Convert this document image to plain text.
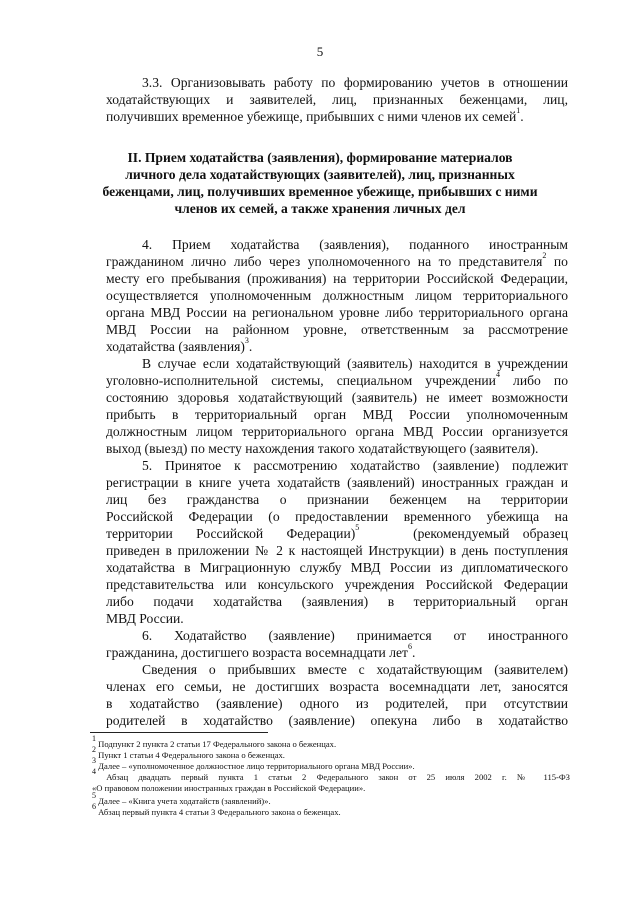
5
3.3. Организовывать работу по формированию учетов в отношении
ходатайствующих и заявителей, лиц, признанных беженцами, лиц,
получивших временное убежище, прибывших с ними членов их семей$^1$.
II. Прием ходатайства (заявления), формирование материалов
личного дела ходатайствующих (заявителей), лиц, признанных
беженцами, лиц, получивших временное убежище, прибывших с ними
членов их семей, а также хранения личных дел
4. Прием ходатайства (заявления), поданного иностранным
гражданином лично либо через уполномоченного на то представителя$^2$ по
месту его пребывания (проживания) на территории Российской Федерации,
осуществляется уполномоченным должностным лицом территориального
органа МВД России на региональном уровне либо территориального органа
МВД России на районном уровне, ответственным за рассмотрение
ходатайства (заявления)$^3$.
В случае если ходатайствующий (заявитель) находится в учреждении
уголовно-исполнительной системы, специальном учреждении$^4$ либо по
состоянию здоровья ходатайствующий (заявитель) не имеет возможности
прибыть в территориальный орган МВД России уполномоченным
должностным лицом территориального органа МВД России организуется
выход (выезд) по месту нахождения такого ходатайствующего (заявителя).
5. Принятое к рассмотрению ходатайство (заявление) подлежит
регистрации в книге учета ходатайств (заявлений) иностранных граждан и
лиц без гражданства о признании беженцем на территории
Российской Федерации (о предоставлении временного убежища на
территории Российской Федерации)$^5$	(рекомендуемый образец
приведен в приложении № 2 к настоящей Инструкции) в день поступления
ходатайства в Миграционную службу МВД России из дипломатического
представительства или консульского учреждения Российской Федерации
либо подачи ходатайства (заявления) в территориальный орган
МВД России.
6. Ходатайство (заявление) принимается от иностранного
гражданина, достигшего возраста восемнадцати лет$^6$.
Сведения о прибывших вместе с ходатайствующим (заявителем)
членах его семьи, не достигших возраста восемнадцати лет, заносятся
в ходатайство (заявление) одного из родителей, при отсутствии
родителей в ходатайство (заявление) опекуна либо в ходатайство
$^1$ Подпункт 2 пункта 2 статьи 17 Федерального закона о беженцах.
$^2$ Пункт 1 статьи 4 Федерального закона о беженцах.
$^3$ Далее – «уполномоченное должностное лицо территориального органа МВД России».
$^4$ Абзац двадцать первый пункта 1 статьи 2 Федерального закон от 25 июля 2002 г. № 115-ФЗ
«О правовом положении иностранных граждан в Российской Федерации».
$^5$ Далее – «Книга учета ходатайств (заявлений)».
$^6$ Абзац первый пункта 4 статьи 3 Федерального закона о беженцах.
